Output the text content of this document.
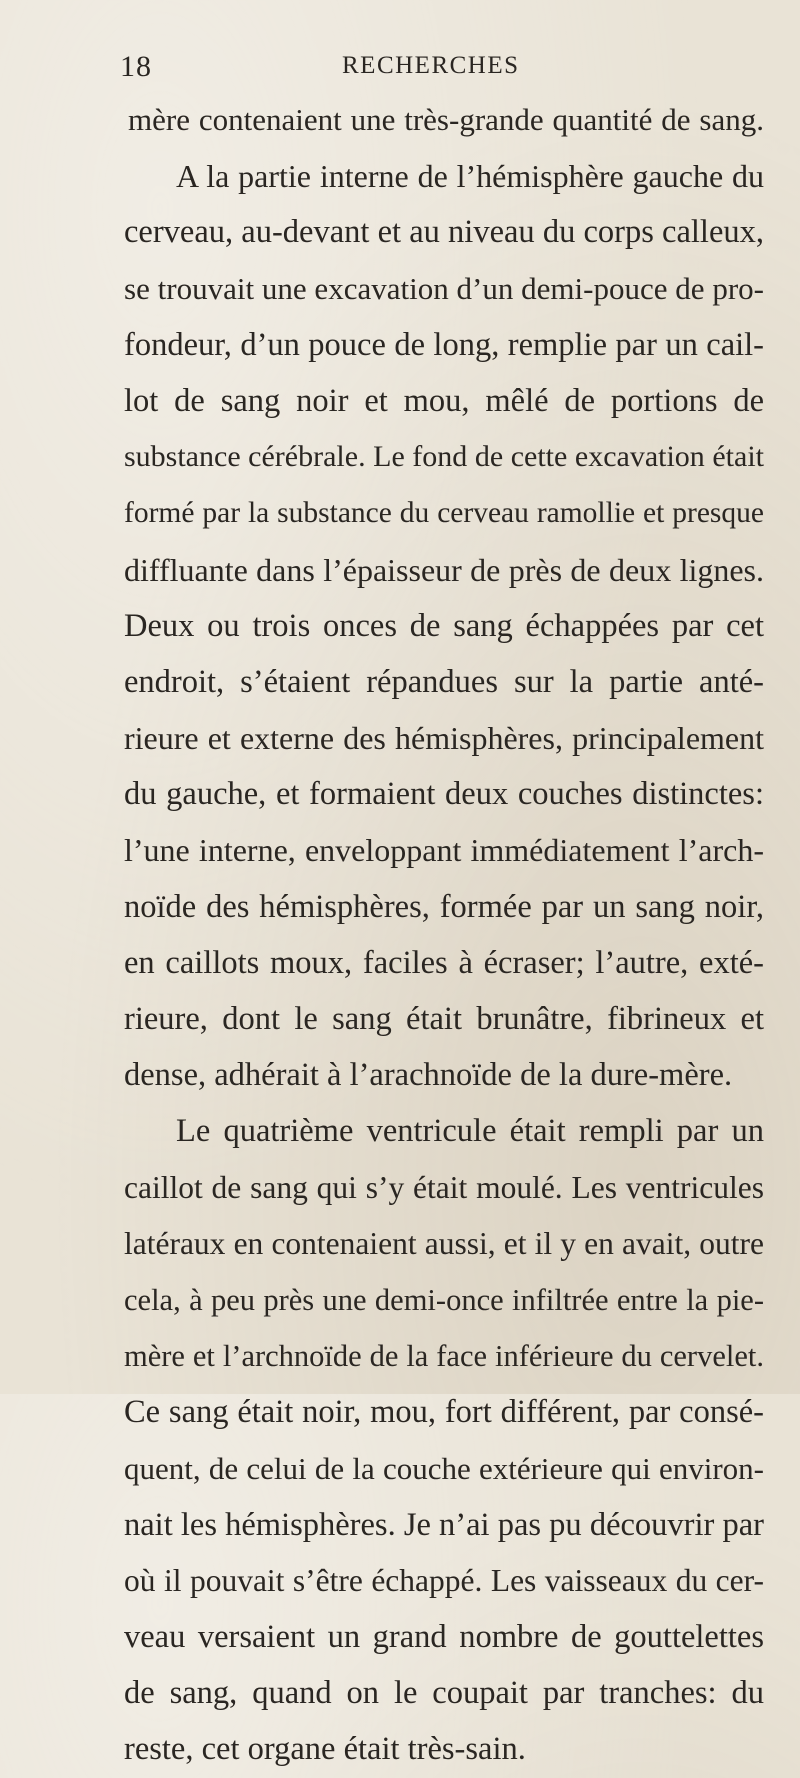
18	RECHERCHES
mère contenaient une très-grande quantité de sang.
A la partie interne de l’hémisphère gauche du
cerveau, au-devant et au niveau du corps calleux,
se trouvait une excavation d’un demi-pouce de pro-
fondeur, d’un pouce de long, remplie par un cail-
lot de sang noir et mou, mêlé de portions de
substance cérébrale. Le fond de cette excavation était
formé par la substance du cerveau ramollie et presque
diffluante dans l’épaisseur de près de deux lignes.
Deux ou trois onces de sang échappées par cet
endroit, s’étaient répandues sur la partie anté-
rieure et externe des hémisphères, principalement
du gauche, et formaient deux couches distinctes:
l’une interne, enveloppant immédiatement l’arch-
noïde des hémisphères, formée par un sang noir,
en caillots moux, faciles à écraser; l’autre, exté-
rieure, dont le sang était brunâtre, fibrineux et
dense, adhérait à l’arachnoïde de la dure-mère.
Le quatrième ventricule était rempli par un
caillot de sang qui s’y était moulé. Les ventricules
latéraux en contenaient aussi, et il y en avait, outre
cela, à peu près une demi-once infiltrée entre la pie-
mère et l’archnoïde de la face inférieure du cervelet.
Ce sang était noir, mou, fort différent, par consé-
quent, de celui de la couche extérieure qui environ-
nait les hémisphères. Je n’ai pas pu découvrir par
où il pouvait s’être échappé. Les vaisseaux du cer-
veau versaient un grand nombre de gouttelettes
de sang, quand on le coupait par tranches: du
reste, cet organe était très-sain.
